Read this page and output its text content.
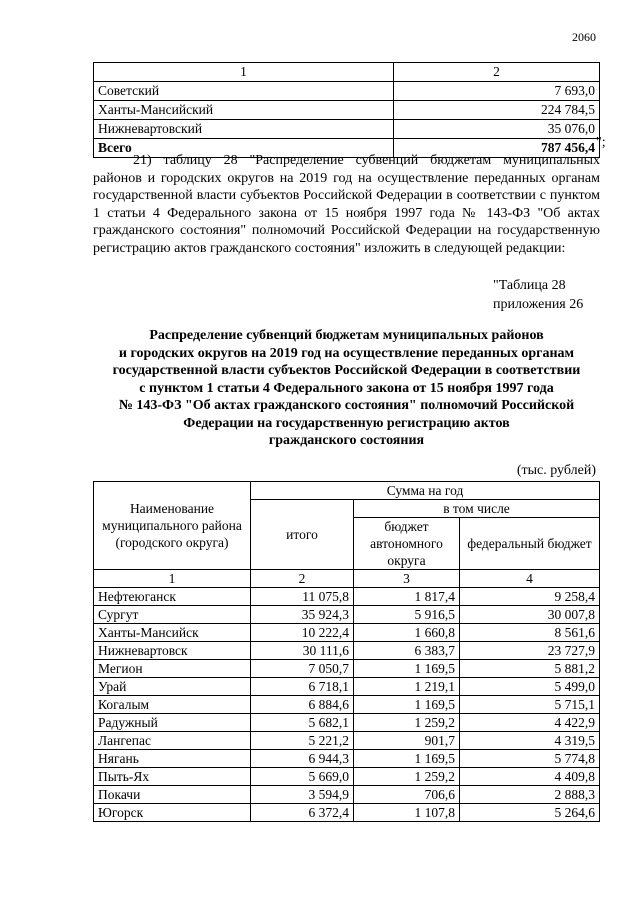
2060
1	2
Советский	7 693,0
Ханты-Мансийский	224 784,5
Нижневартовский	35 076,0
Всего	787 456,4 ";
21) таблицу 28 "Распределение субвенций бюджетам муниципальных районов и городских округов на 2019 год на осуществление переданных органам государственной власти субъектов Российской Федерации в соответствии с пунктом 1 статьи 4 Федерального закона от 15 ноября 1997 года № 143-ФЗ "Об актах гражданского состояния" полномочий Российской Федерации на государственную регистрацию актов гражданского состояния" изложить в следующей редакции:
"Таблица 28
приложения 26
Распределение субвенций бюджетам муниципальных районов
и городских округов на 2019 год на осуществление переданных органам
государственной власти субъектов Российской Федерации в соответствии
с пунктом 1 статьи 4 Федерального закона от 15 ноября 1997 года
№ 143-ФЗ "Об актах гражданского состояния" полномочий Российской
Федерации на государственную регистрацию актов
гражданского состояния
(тыс. рублей)
Наименование муниципального района (городского округа)	Сумма на год		
	итого	в том числе	
		бюджет автономного округа	федеральный бюджет
1	2	3	4
Нефтеюганск	11 075,8	1 817,4	9 258,4
Сургут	35 924,3	5 916,5	30 007,8
Ханты-Мансийск	10 222,4	1 660,8	8 561,6
Нижневартовск	30 111,6	6 383,7	23 727,9
Мегион	7 050,7	1 169,5	5 881,2
Урай	6 718,1	1 219,1	5 499,0
Когалым	6 884,6	1 169,5	5 715,1
Радужный	5 682,1	1 259,2	4 422,9
Лангепас	5 221,2	901,7	4 319,5
Нягань	6 944,3	1 169,5	5 774,8
Пыть-Ях	5 669,0	1 259,2	4 409,8
Покачи	3 594,9	706,6	2 888,3
Югорск	6 372,4	1 107,8	5 264,6
